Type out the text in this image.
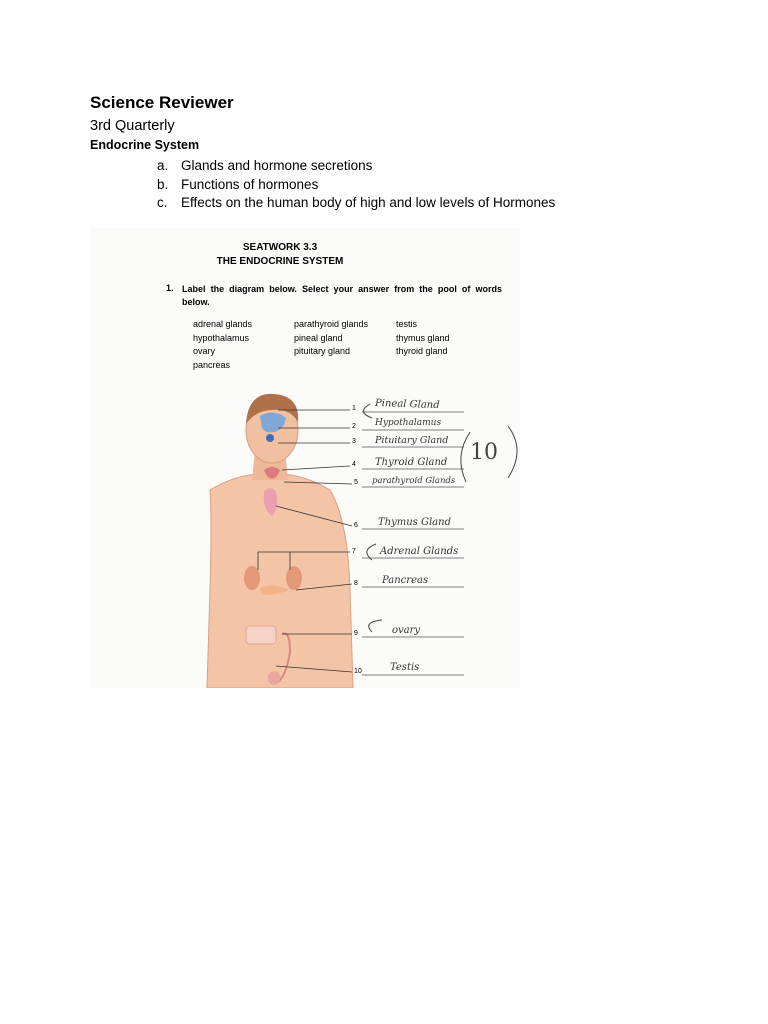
Science Reviewer
3rd Quarterly
Endocrine System
a. Glands and hormone secretions
b. Functions of hormones
c. Effects on the human body of high and low levels of Hormones
SEATWORK 3.3
THE ENDOCRINE SYSTEM
1. Label the diagram below. Select your answer from the pool of words below.
adrenal glands
hypothalamus
ovary
pancreas
parathyroid glands
pineal gland
pituitary gland
testis
thymus gland
thyroid gland
1
2
3
4
5
6
7
8
9
10
Pineal Gland
Hypothalamus
Pituitary Gland
Thyroid Gland
parathyroid Glands
Thymus Gland
Adrenal Glands
Pancreas
ovary
Testis
10
